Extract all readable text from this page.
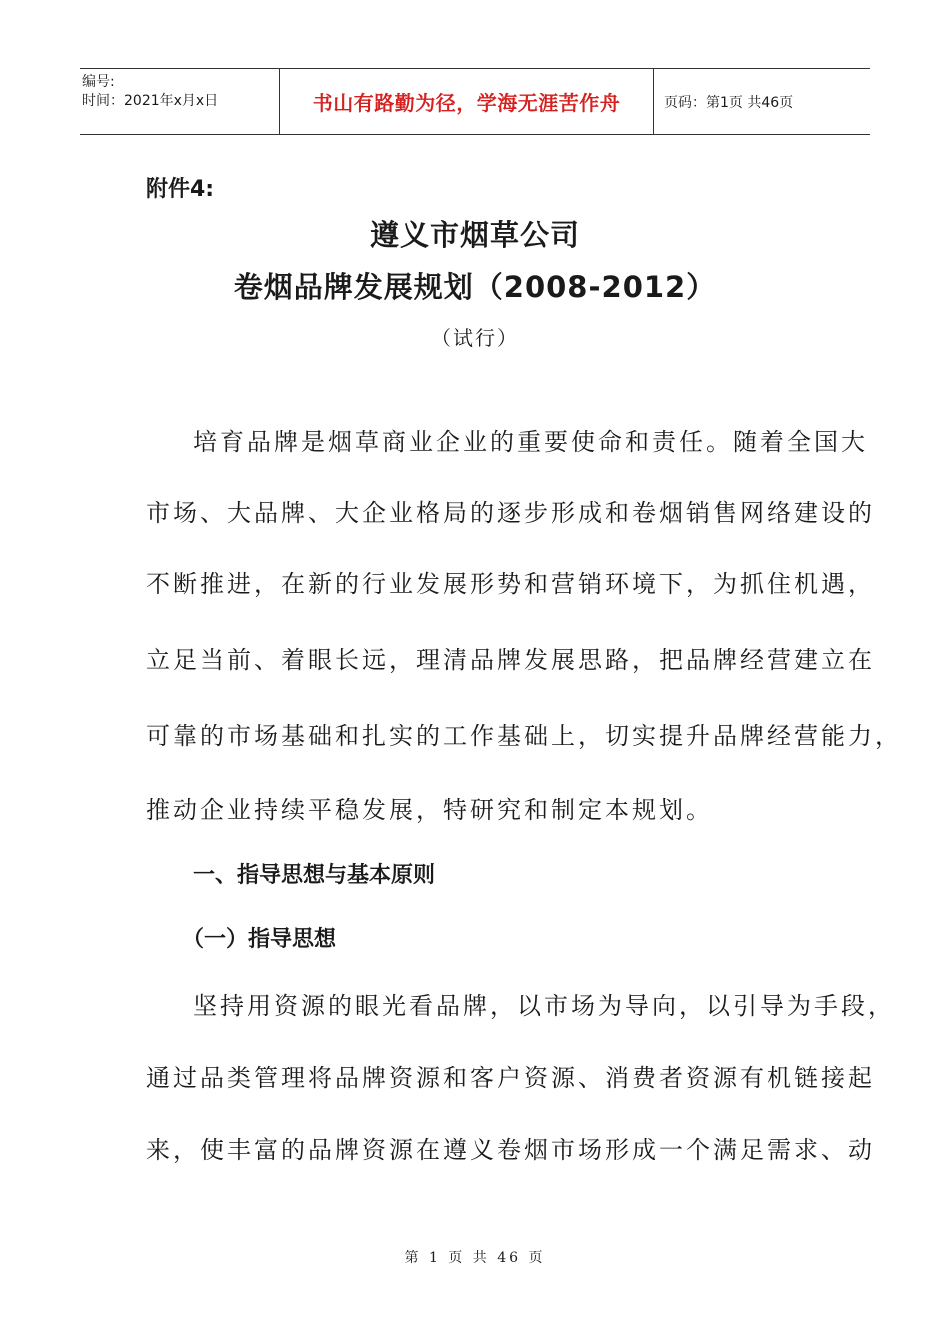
编号:
时间：2021年x月x日	书山有路勤为径，学海无涯苦作舟	页码：第1页 共46页
附件4:
遵义市烟草公司
卷烟品牌发展规划（2008-2012）
（试行）
培育品牌是烟草商业企业的重要使命和责任。随着全国大
市场、大品牌、大企业格局的逐步形成和卷烟销售网络建设的
不断推进，在新的行业发展形势和营销环境下，为抓住机遇，
立足当前、着眼长远，理清品牌发展思路，把品牌经营建立在
可靠的市场基础和扎实的工作基础上，切实提升品牌经营能力，
推动企业持续平稳发展，特研究和制定本规划。
一、指导思想与基本原则
（一）指导思想
坚持用资源的眼光看品牌，以市场为导向，以引导为手段，
通过品类管理将品牌资源和客户资源、消费者资源有机链接起
来，使丰富的品牌资源在遵义卷烟市场形成一个满足需求、动
第 1 页 共 46 页
